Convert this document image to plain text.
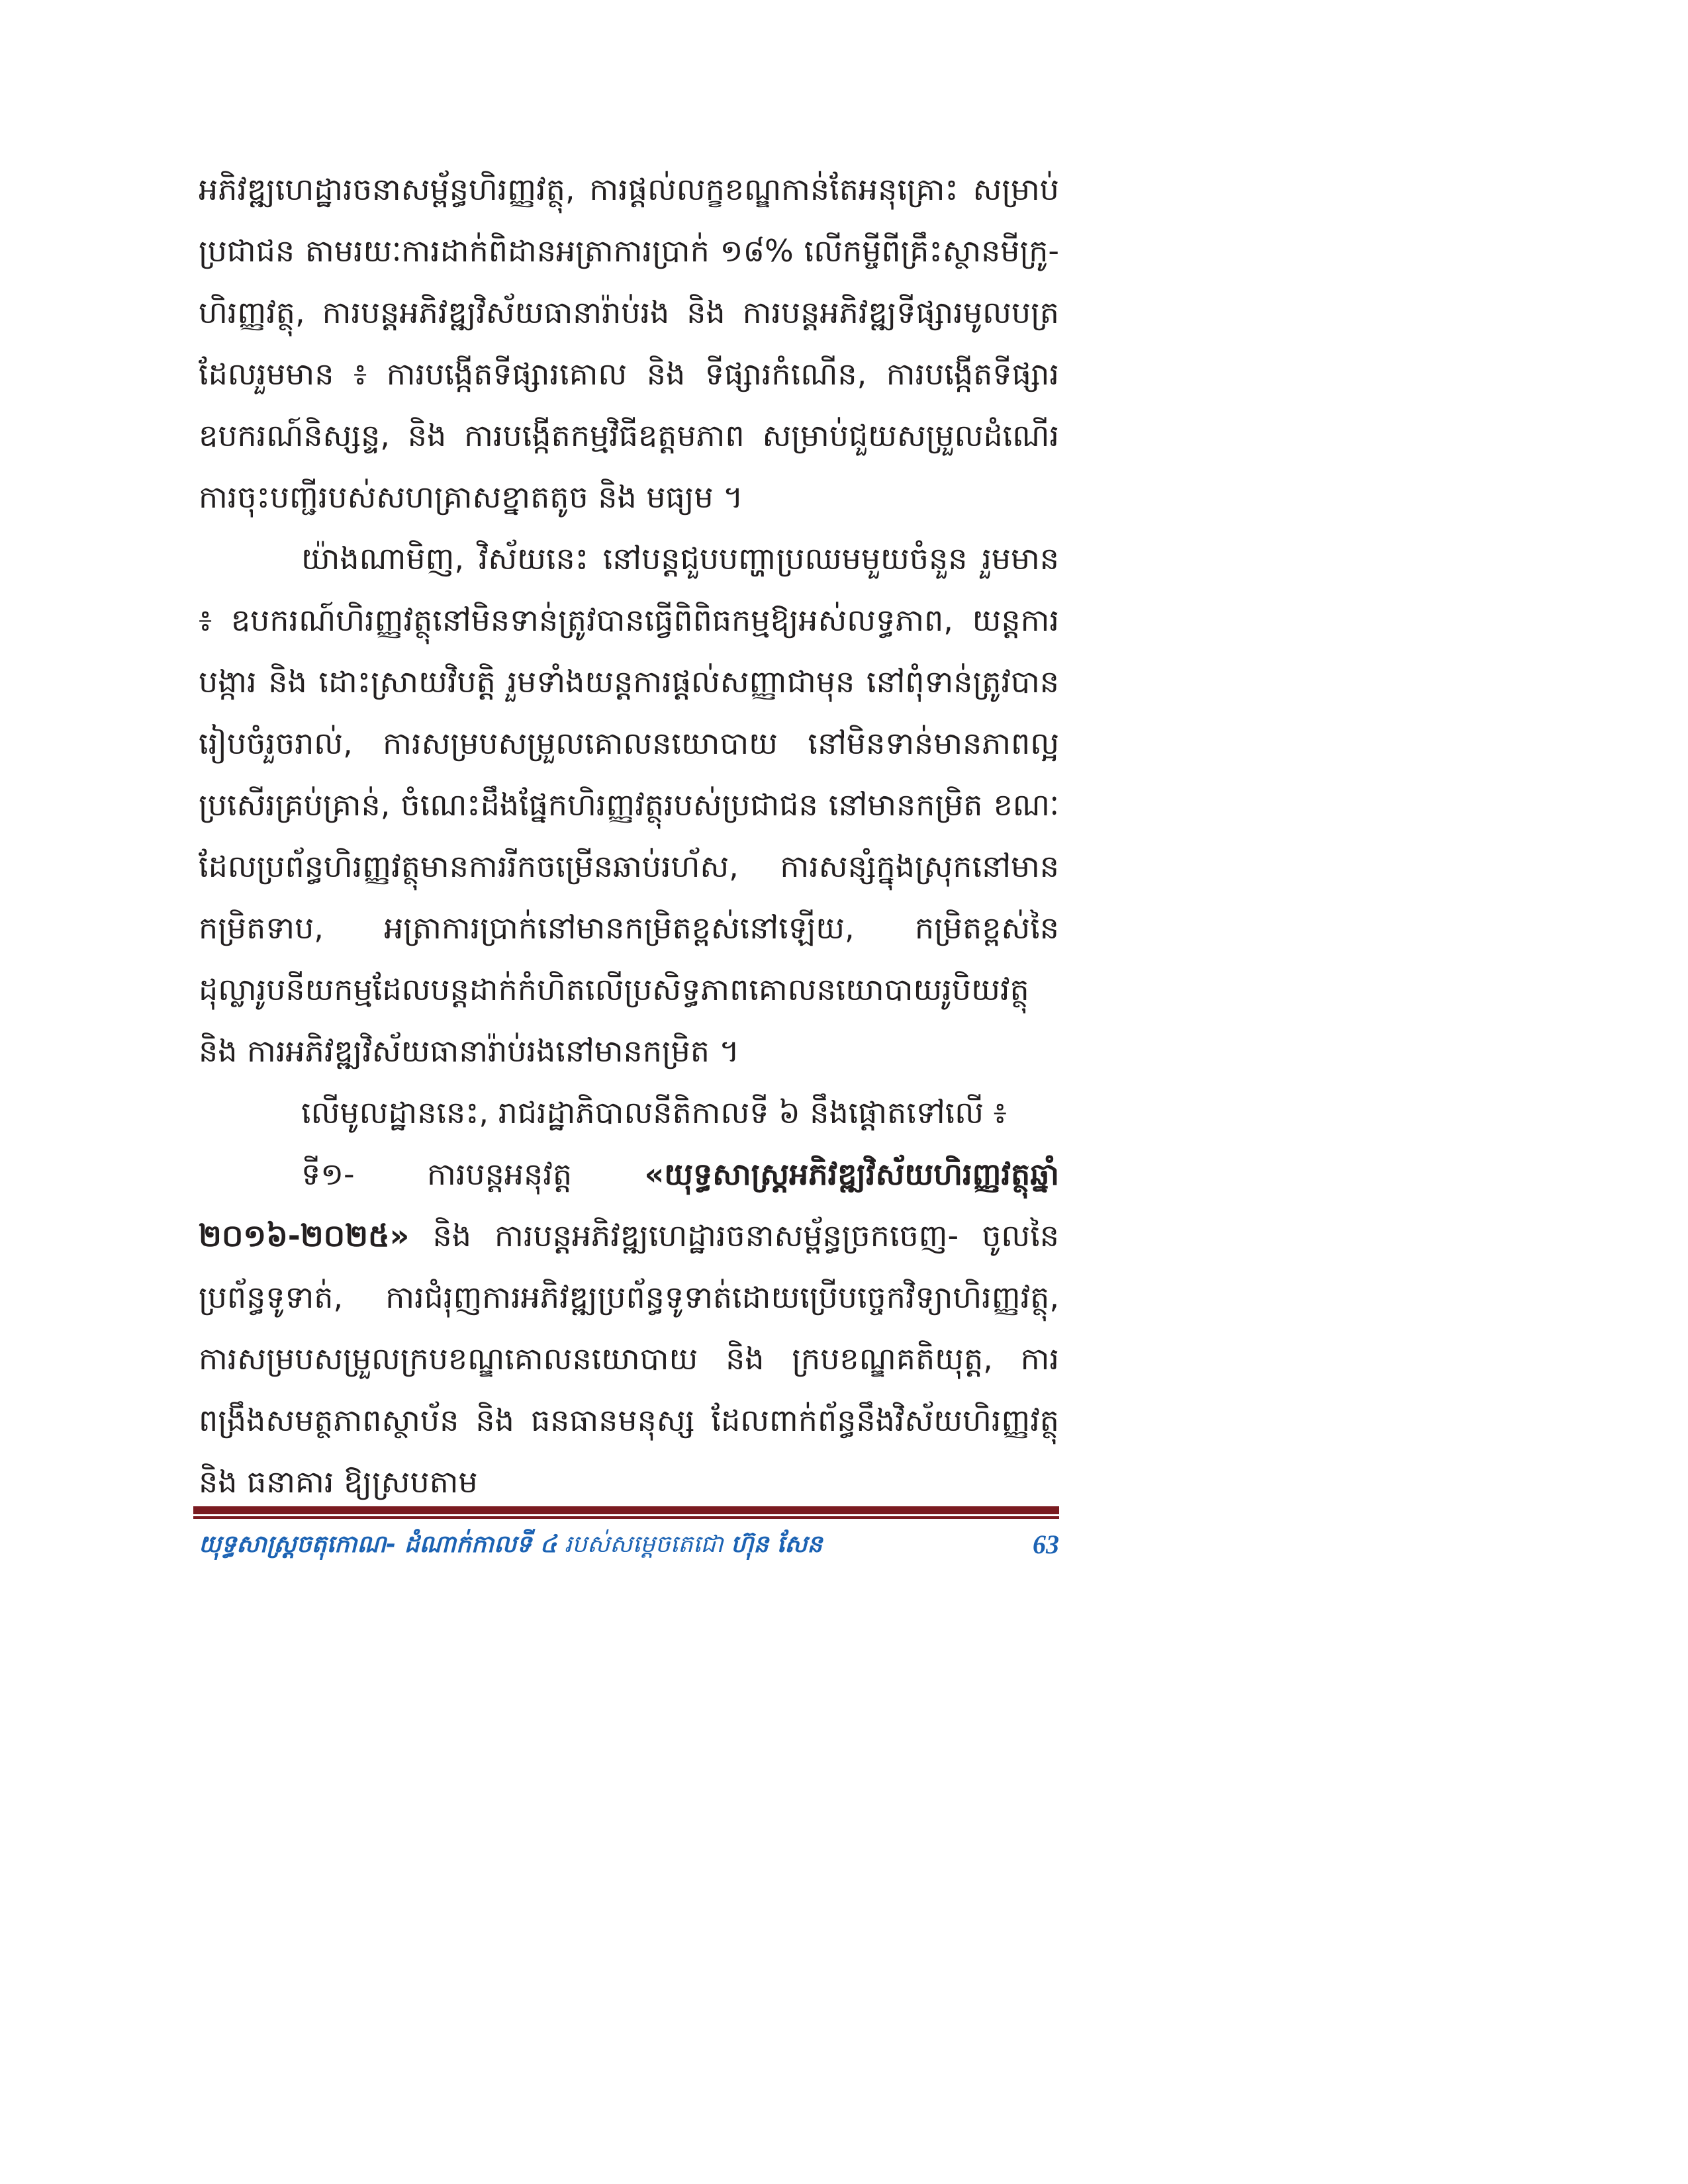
អភិវឌ្ឍហេដ្ឋារចនាសម្ព័ន្ធហិរញ្ញវត្ថុ, ការផ្តល់លក្ខខណ្ឌកាន់តែអនុគ្រោះ សម្រាប់ប្រជាជន តាមរយៈការដាក់ពិដានអត្រាការប្រាក់ ១៨% លើកម្ចីពីគ្រឹះស្ថានមីក្រូ-ហិរញ្ញវត្ថុ, ការបន្តអភិវឌ្ឍវិស័យធានារ៉ាប់រង និង ការបន្តអភិវឌ្ឍទីផ្សារមូលបត្រ ដែលរួមមាន ៖ ការបង្កើតទីផ្សារគោល និង ទីផ្សារកំណើន, ការបង្កើតទីផ្សារឧបករណ៍និស្សន្ទ, និង ការបង្កើតកម្មវិធីឧត្តមភាព សម្រាប់ជួយសម្រួលដំណើរការចុះបញ្ជីរបស់សហគ្រាសខ្នាតតូច និង មធ្យម ។

យ៉ាងណាមិញ, វិស័យនេះ នៅបន្តជួបបញ្ហាប្រឈមមួយចំនួន រួមមាន ៖ ឧបករណ៍ហិរញ្ញវត្ថុនៅមិនទាន់ត្រូវបានធ្វើពិពិធកម្មឱ្យអស់លទ្ធភាព, យន្តការបង្ការ និង ដោះស្រាយវិបត្តិ រួមទាំងយន្តការផ្តល់សញ្ញាជាមុន នៅពុំទាន់ត្រូវបានរៀបចំរួចរាល់, ការសម្របសម្រួលគោលនយោបាយ នៅមិនទាន់មានភាពល្អប្រសើរគ្រប់គ្រាន់, ចំណេះដឹងផ្នែកហិរញ្ញវត្ថុរបស់ប្រជាជន នៅមានកម្រិត ខណៈដែលប្រព័ន្ធហិរញ្ញវត្ថុមានការរីកចម្រើនឆាប់រហ័ស, ការសន្សំក្នុងស្រុកនៅមានកម្រិតទាប, អត្រាការប្រាក់នៅមានកម្រិតខ្ពស់នៅឡើយ, កម្រិតខ្ពស់នៃដុល្លារូបនីយកម្មដែលបន្តដាក់កំហិតលើប្រសិទ្ធភាពគោលនយោបាយរូបិយវត្ថុ និង ការអភិវឌ្ឍវិស័យធានារ៉ាប់រងនៅមានកម្រិត ។

លើមូលដ្ឋាននេះ, រាជរដ្ឋាភិបាលនីតិកាលទី ៦ នឹងផ្តោតទៅលើ ៖

ទី១- ការបន្តអនុវត្ត «យុទ្ធសាស្ត្រអភិវឌ្ឍវិស័យហិរញ្ញវត្ថុឆ្នាំ ២០១៦-២០២៥» និង ការបន្តអភិវឌ្ឍហេដ្ឋារចនាសម្ព័ន្ធច្រកចេញ- ចូលនៃប្រព័ន្ធទូទាត់, ការជំរុញការអភិវឌ្ឍប្រព័ន្ធទូទាត់ដោយប្រើបច្ចេកវិទ្យាហិរញ្ញវត្ថុ, ការសម្របសម្រួលក្របខណ្ឌគោលនយោបាយ និង ក្របខណ្ឌគតិយុត្ត, ការពង្រឹងសមត្ថភាពស្ថាប័ន និង ធនធានមនុស្ស ដែលពាក់ព័ន្ធនឹងវិស័យហិរញ្ញវត្ថុ និង ធនាគារ ឱ្យស្របតាម

យុទ្ធសាស្ត្រចតុកោណ- ដំណាក់កាលទី ៤ របស់សម្តេចតេជោ ហ៊ុន សែន	63
